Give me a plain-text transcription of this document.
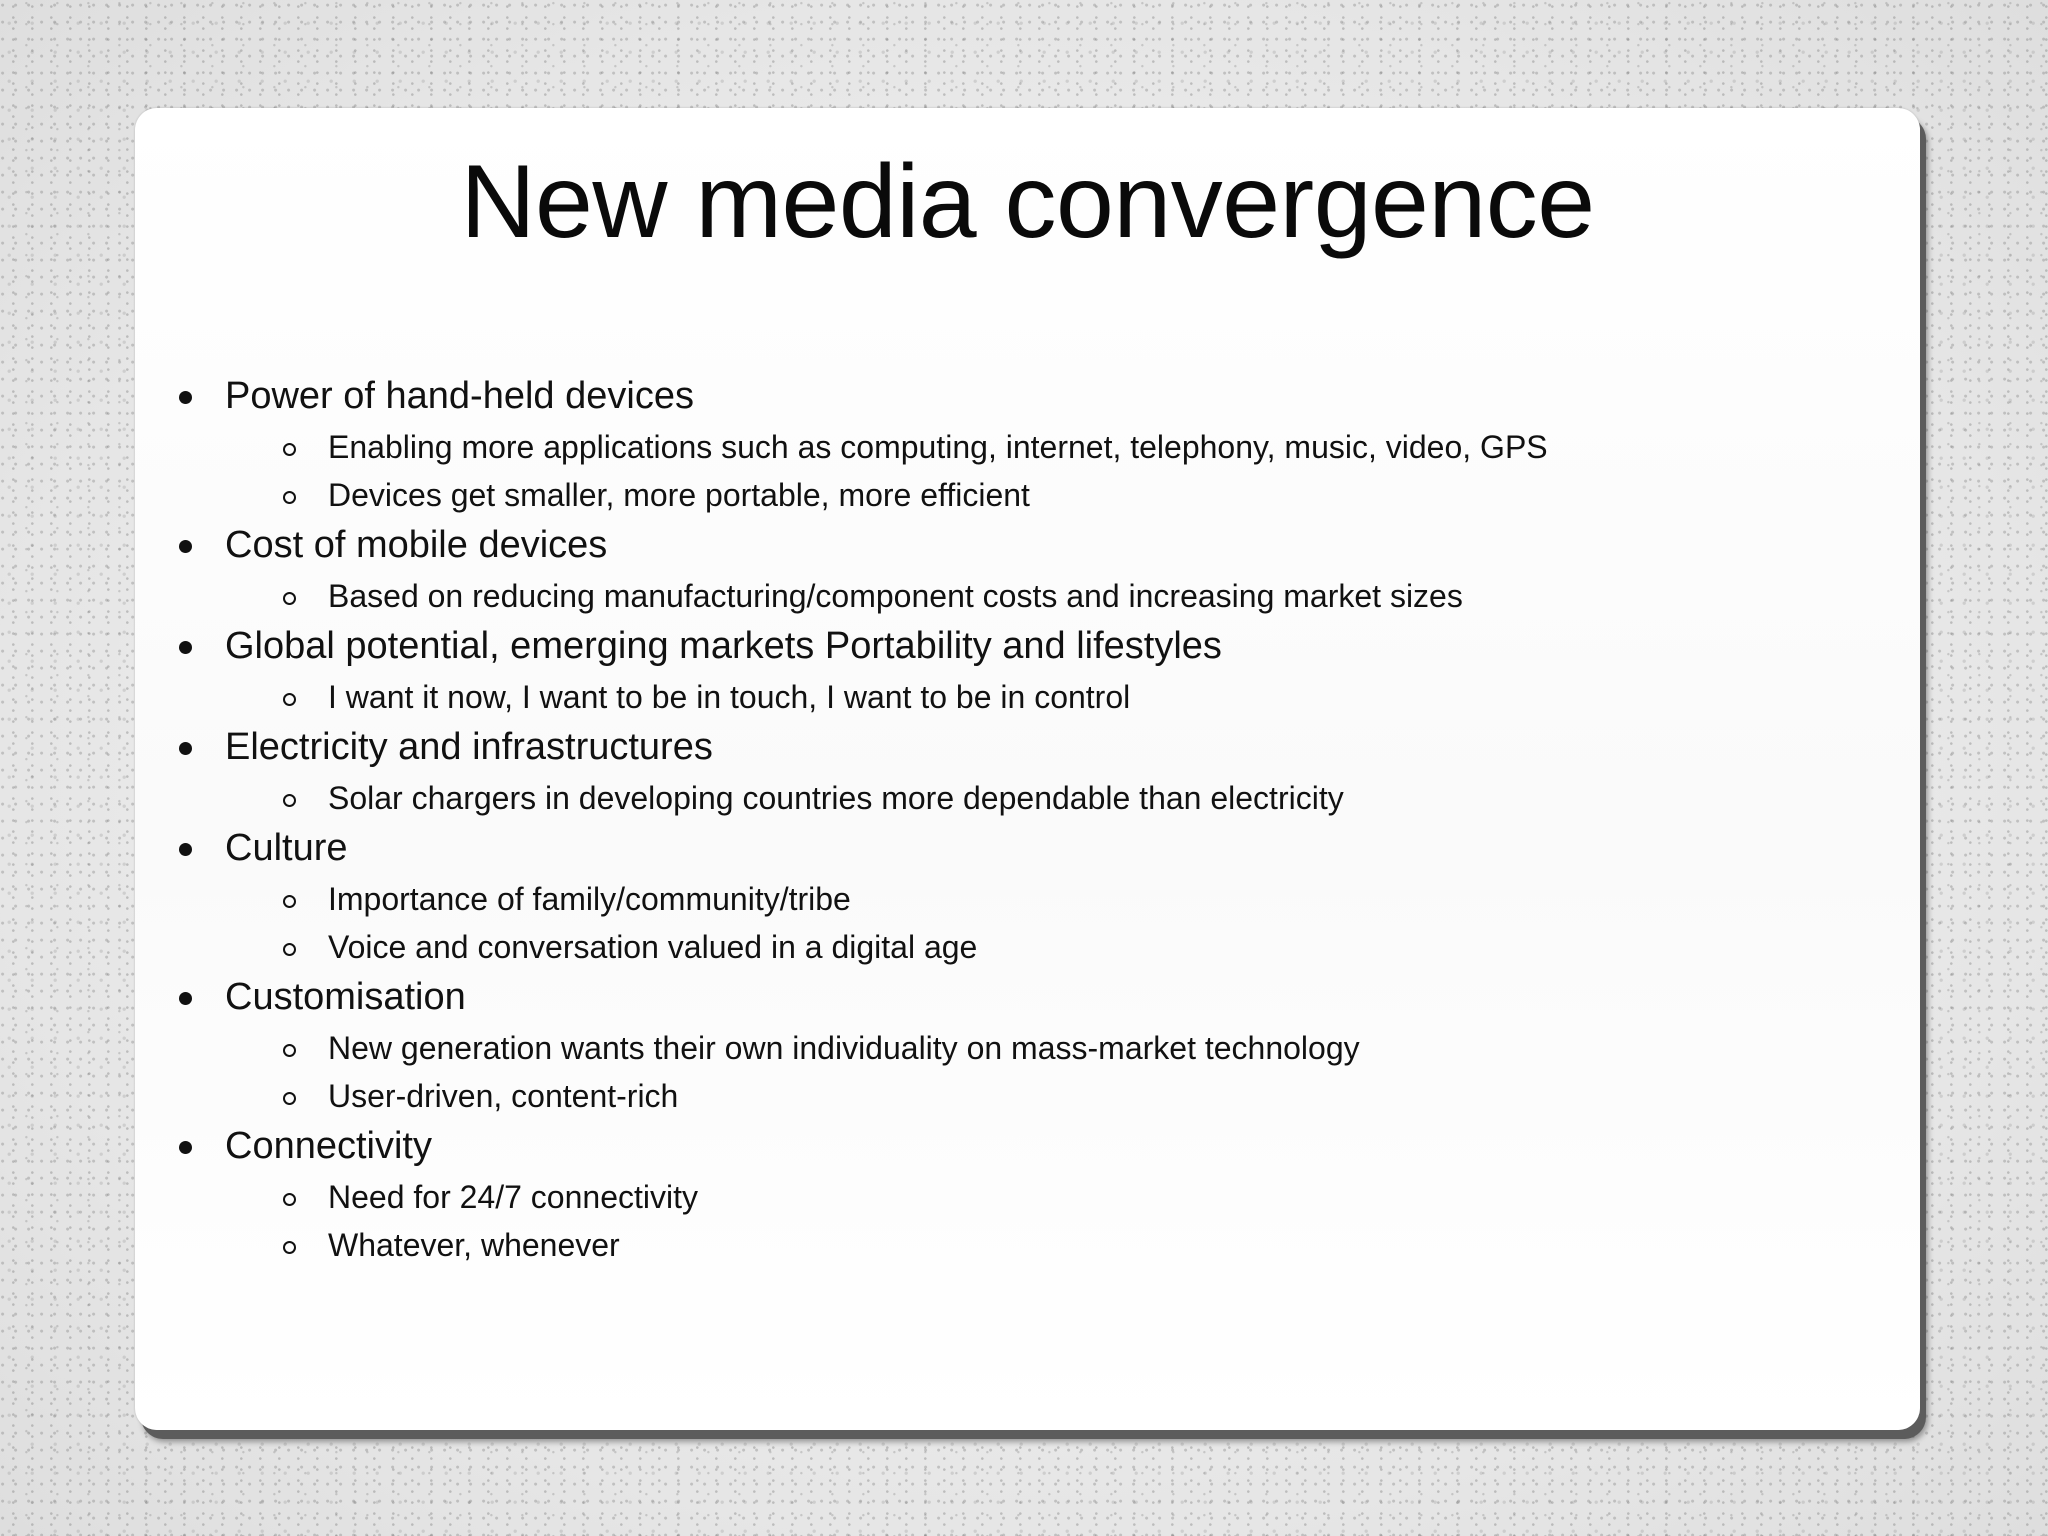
New media convergence
Power of hand-held devices
Enabling more applications such as computing, internet, telephony, music, video, GPS
Devices get smaller, more portable, more efficient
Cost of mobile devices
Based on reducing manufacturing/component costs and increasing market sizes
Global potential, emerging markets Portability and lifestyles
I want it now, I want to be in touch, I want to be in control
Electricity and infrastructures
Solar chargers in developing countries more dependable than electricity
Culture
Importance of family/community/tribe
Voice and conversation valued in a digital age
Customisation
New generation wants their own individuality on mass-market technology
User-driven, content-rich
Connectivity
Need for 24/7 connectivity
Whatever, whenever
